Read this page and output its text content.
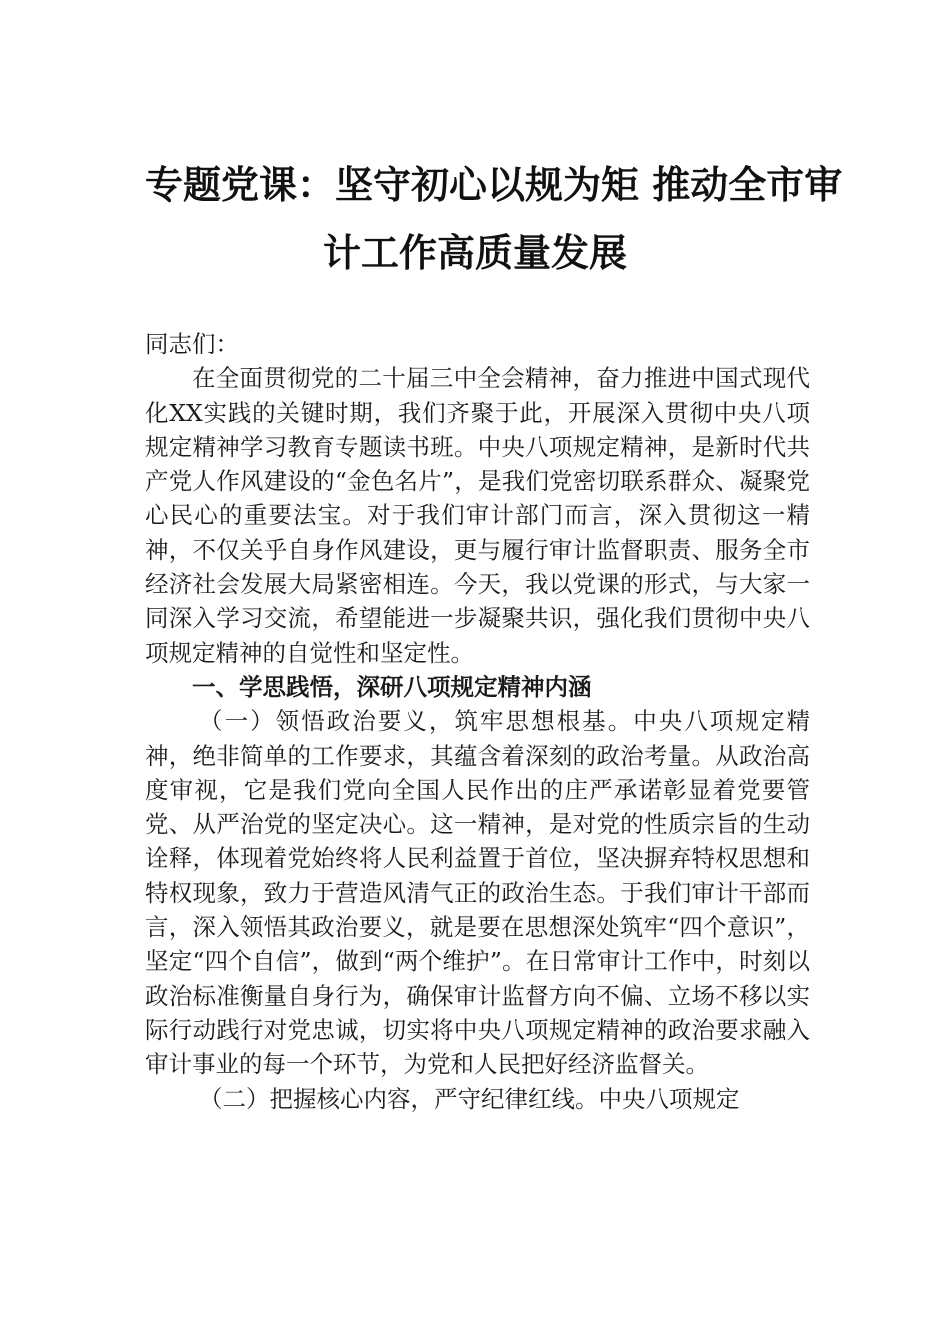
专题党课：坚守初心以规为矩 推动全市审
计工作高质量发展

同志们：

在全面贯彻党的二十届三中全会精神，奋力推进中国式现代化XX实践的关键时期，我们齐聚于此，开展深入贯彻中央八项规定精神学习教育专题读书班。中央八项规定精神，是新时代共产党人作风建设的“金色名片”，是我们党密切联系群众、凝聚党心民心的重要法宝。对于我们审计部门而言，深入贯彻这一精神，不仅关乎自身作风建设，更与履行审计监督职责、服务全市经济社会发展大局紧密相连。今天，我以党课的形式，与大家一同深入学习交流，希望能进一步凝聚共识，强化我们贯彻中央八项规定精神的自觉性和坚定性。

一、学思践悟，深研八项规定精神内涵

（一）领悟政治要义，筑牢思想根基。中央八项规定精神，绝非简单的工作要求，其蕴含着深刻的政治考量。从政治高度审视，它是我们党向全国人民作出的庄严承诺彰显着党要管党、从严治党的坚定决心。这一精神，是对党的性质宗旨的生动诠释，体现着党始终将人民利益置于首位，坚决摒弃特权思想和特权现象，致力于营造风清气正的政治生态。于我们审计干部而言，深入领悟其政治要义，就是要在思想深处筑牢“四个意识”，坚定“四个自信”，做到“两个维护”。在日常审计工作中，时刻以政治标准衡量自身行为，确保审计监督方向不偏、立场不移以实际行动践行对党忠诚，切实将中央八项规定精神的政治要求融入审计事业的每一个环节，为党和人民把好经济监督关。

（二）把握核心内容，严守纪律红线。中央八项规定
